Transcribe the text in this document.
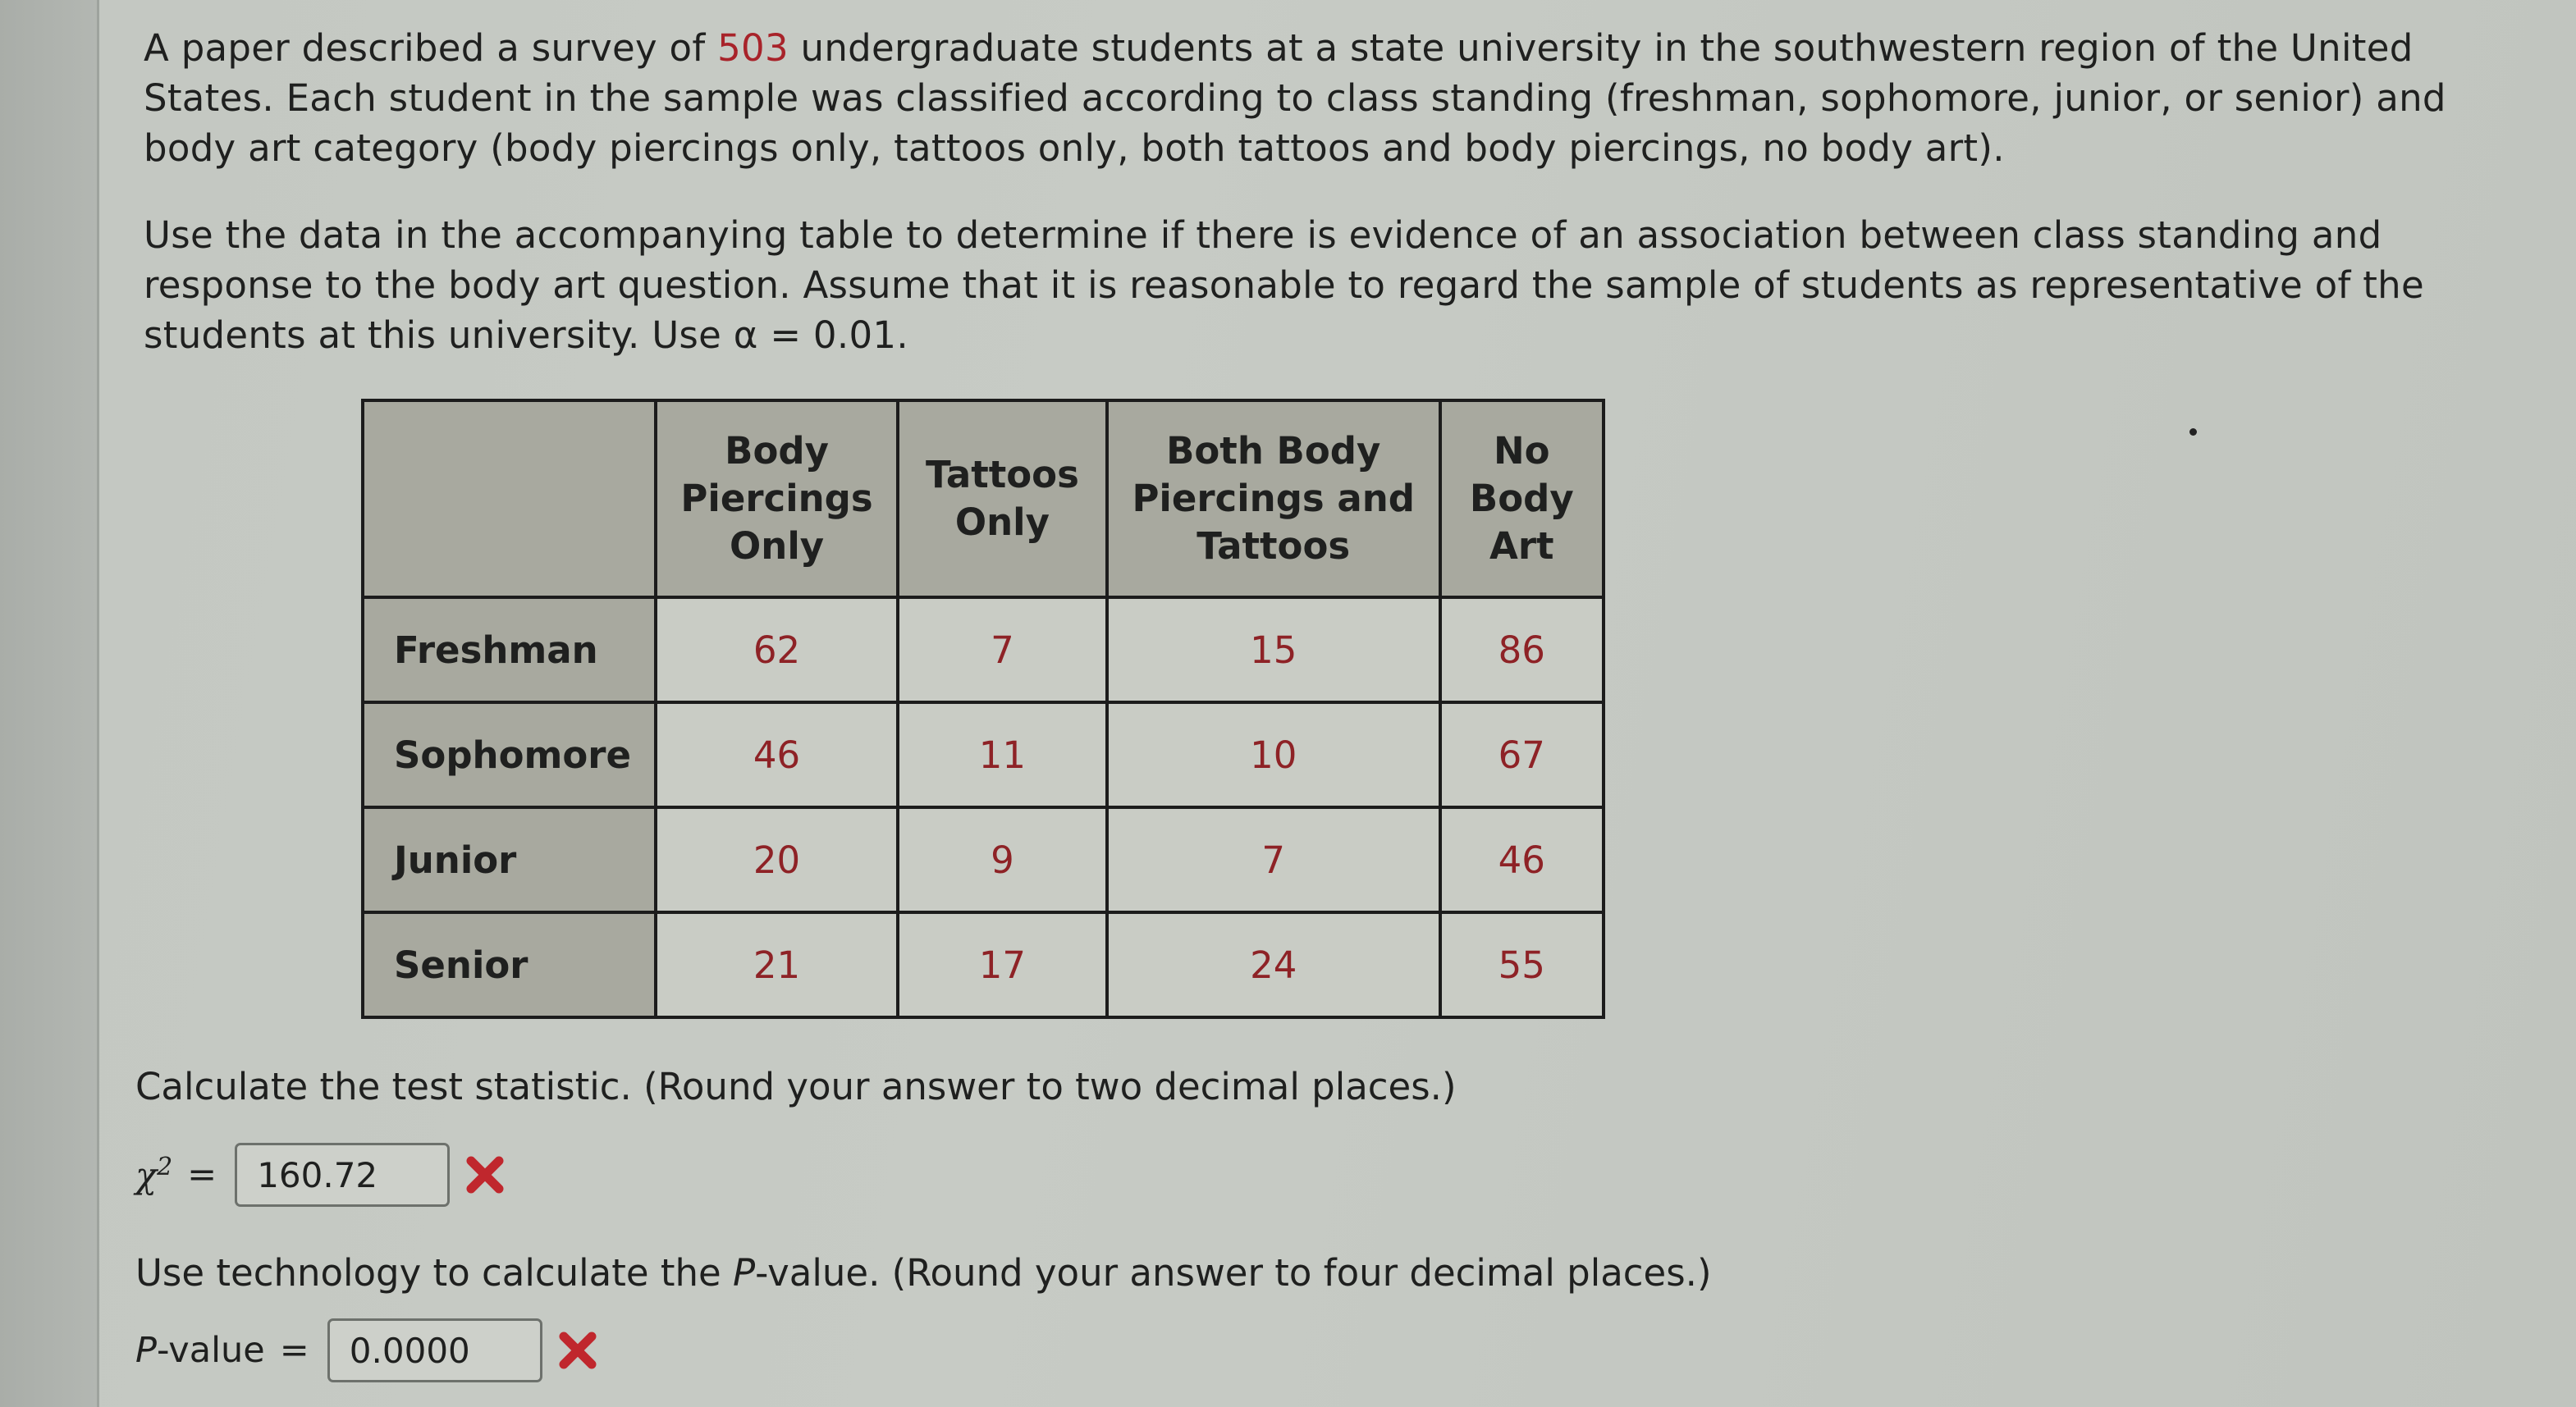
A paper described a survey of 503 undergraduate students at a state university in the southwestern region of the United States. Each student in the sample was classified according to class standing (freshman, sophomore, junior, or senior) and body art category (body piercings only, tattoos only, both tattoos and body piercings, no body art).
Use the data in the accompanying table to determine if there is evidence of an association between class standing and response to the body art question. Assume that it is reasonable to regard the sample of students as representative of the students at this university. Use α = 0.01.
	Body Piercings Only	Tattoos Only	Both Body Piercings and Tattoos	No Body Art
Freshman	62	7	15	86
Sophomore	46	11	10	67
Junior	20	9	7	46
Senior	21	17	24	55
Calculate the test statistic. (Round your answer to two decimal places.)
$\chi^2 = 160.72$
Use technology to calculate the P-value. (Round your answer to four decimal places.)
P-value = 0.0000
